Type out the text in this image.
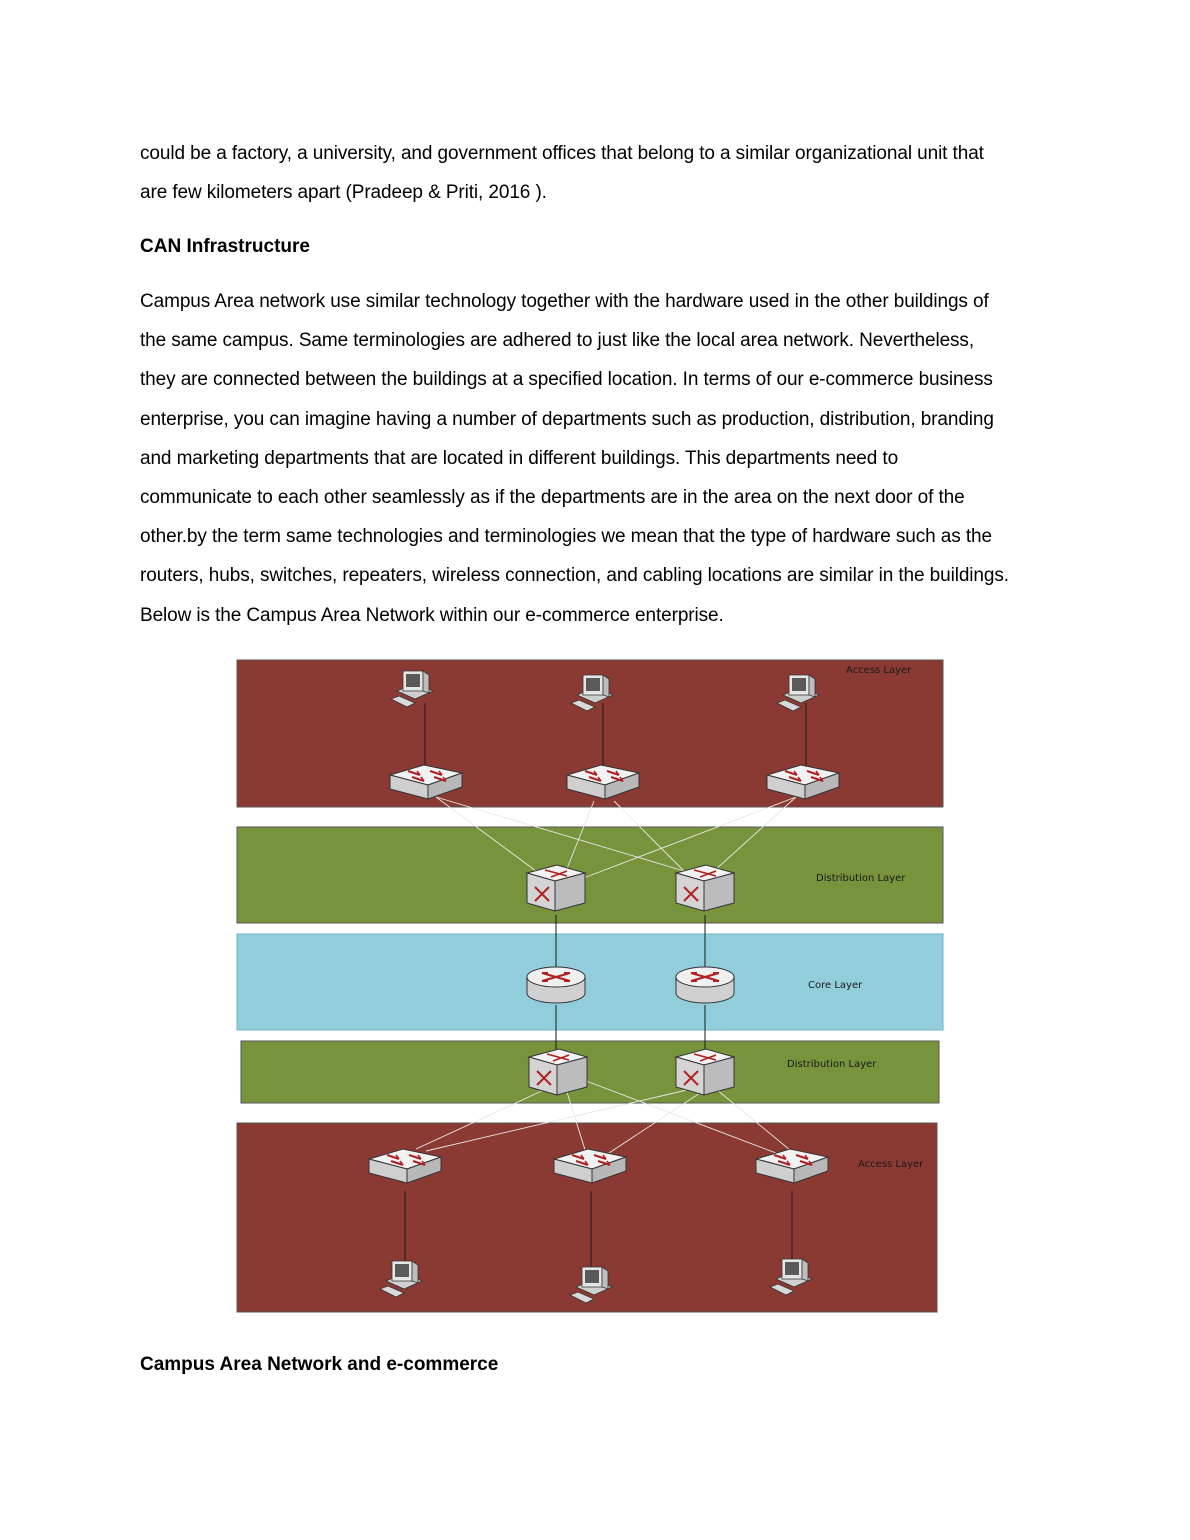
could be a factory, a university, and government offices that belong to a similar organizational unit that
are few kilometers apart (Pradeep & Priti, 2016 ).
CAN Infrastructure
Campus Area network use similar technology together with the hardware used in the other buildings of
the same campus. Same terminologies are adhered to just like the local area network. Nevertheless,
they are connected between the buildings at a specified location. In terms of our e-commerce business
enterprise, you can imagine having a number of departments such as production, distribution, branding
and marketing departments that are located in different buildings. This departments need to
communicate to each other seamlessly as if the departments are in the area on the next door of the
other.by the term same technologies and terminologies we mean that the type of hardware such as the
routers, hubs, switches, repeaters, wireless connection, and cabling locations are similar in the buildings.
Below is the Campus Area Network within our e-commerce enterprise.
Access Layer
Distribution Layer
Core Layer
Distribution Layer
Access Layer
Campus Area Network and e-commerce
